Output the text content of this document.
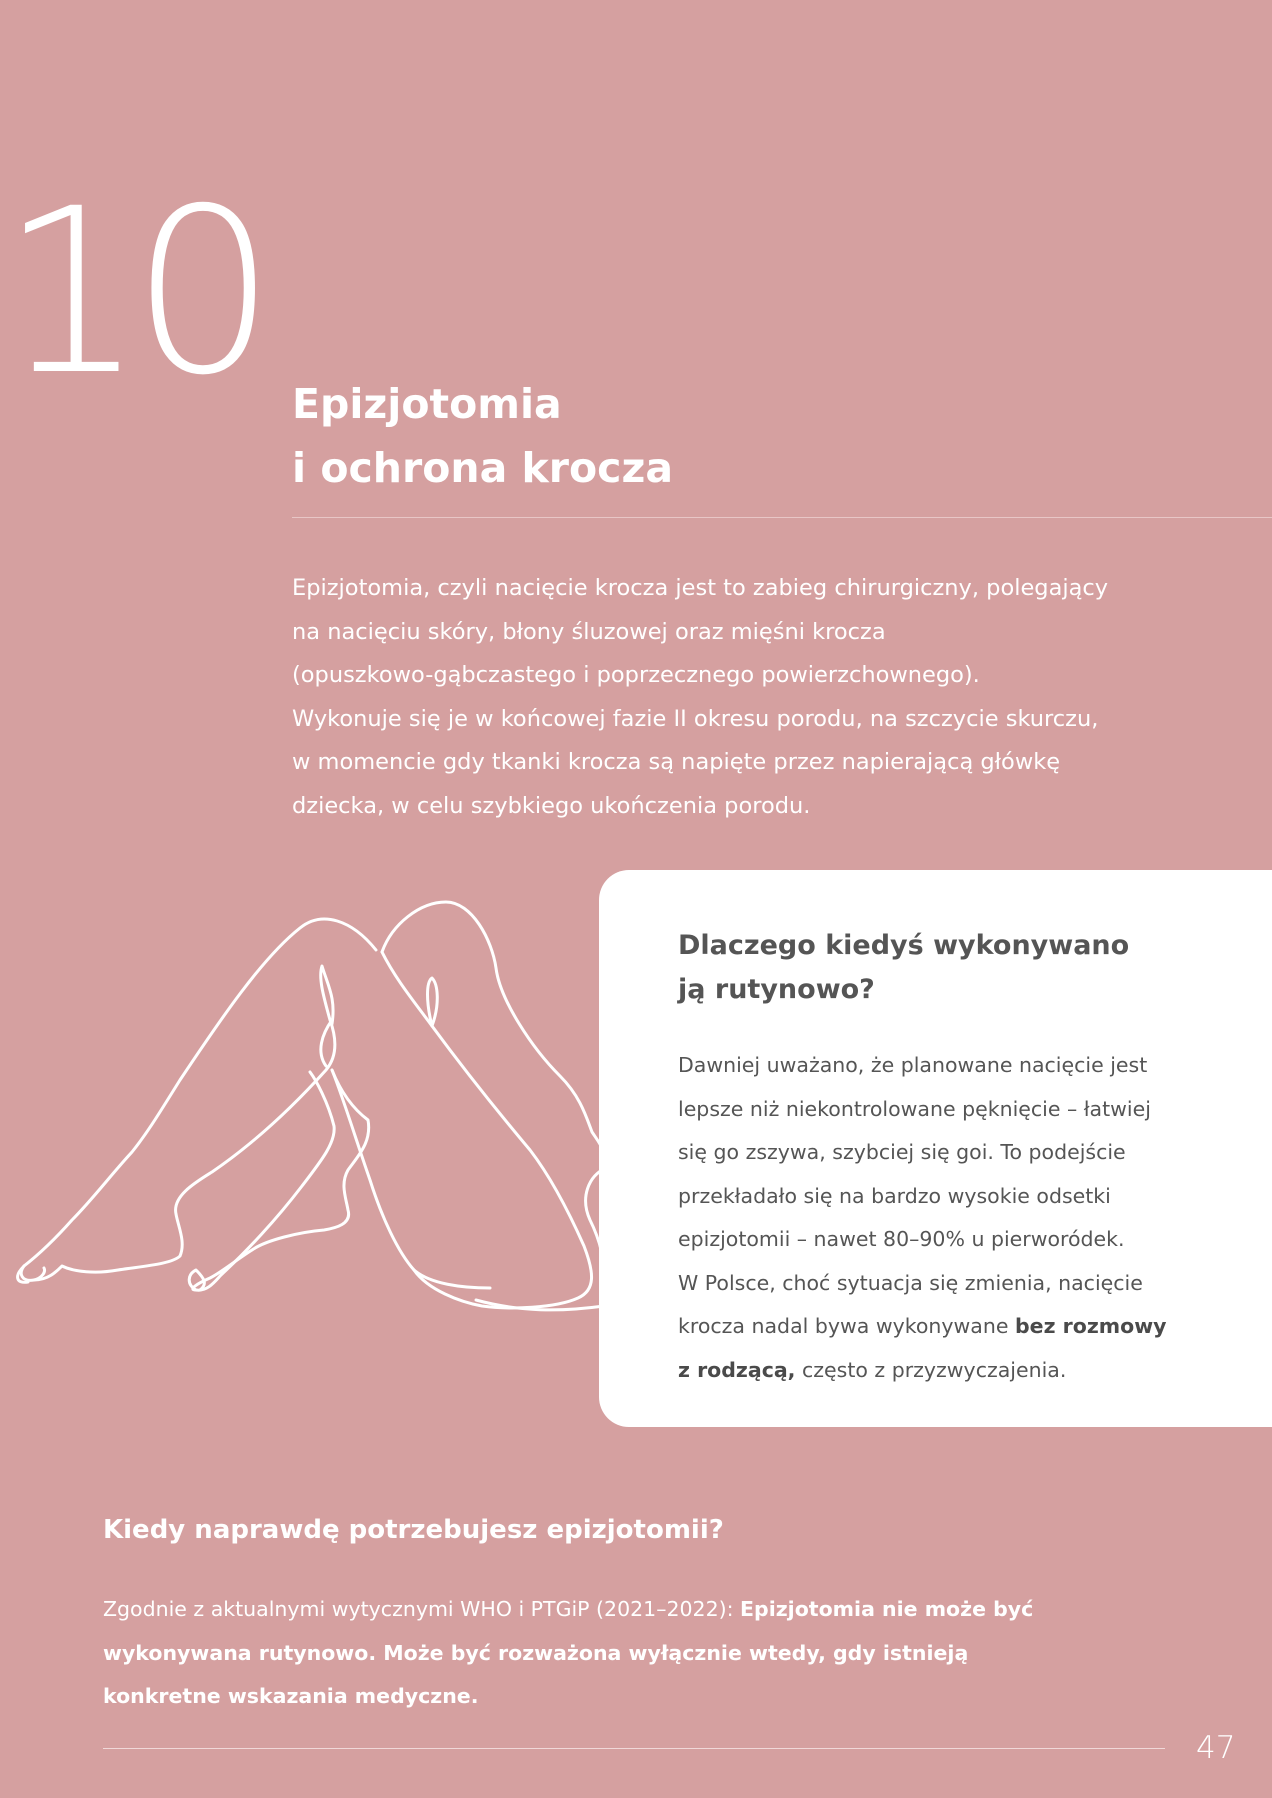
10 Epizjotomia
i ochrona krocza
Epizjotomia, czyli nacięcie krocza jest to zabieg chirurgiczny, polegający
na nacięciu skóry, błony śluzowej oraz mięśni krocza
(opuszkowo-gąbczastego i poprzecznego powierzchownego).
Wykonuje się je w końcowej fazie II okresu porodu, na szczycie skurczu,
w momencie gdy tkanki krocza są napięte przez napierającą główkę
dziecka, w celu szybkiego ukończenia porodu.
Dlaczego kiedyś wykonywano
ją rutynowo?
Dawniej uważano, że planowane nacięcie jest
lepsze niż niekontrolowane pęknięcie – łatwiej
się go zszywa, szybciej się goi. To podejście
przekładało się na bardzo wysokie odsetki
epizjotomii – nawet 80–90% u pierworódek.
W Polsce, choć sytuacja się zmienia, nacięcie
krocza nadal bywa wykonywane bez rozmowy
z rodzącą, często z przyzwyczajenia.
Kiedy naprawdę potrzebujesz epizjotomii?
Zgodnie z aktualnymi wytycznymi WHO i PTGiP (2021–2022): Epizjotomia nie może być
wykonywana rutynowo. Może być rozważona wyłącznie wtedy, gdy istnieją
konkretne wskazania medyczne.
47
